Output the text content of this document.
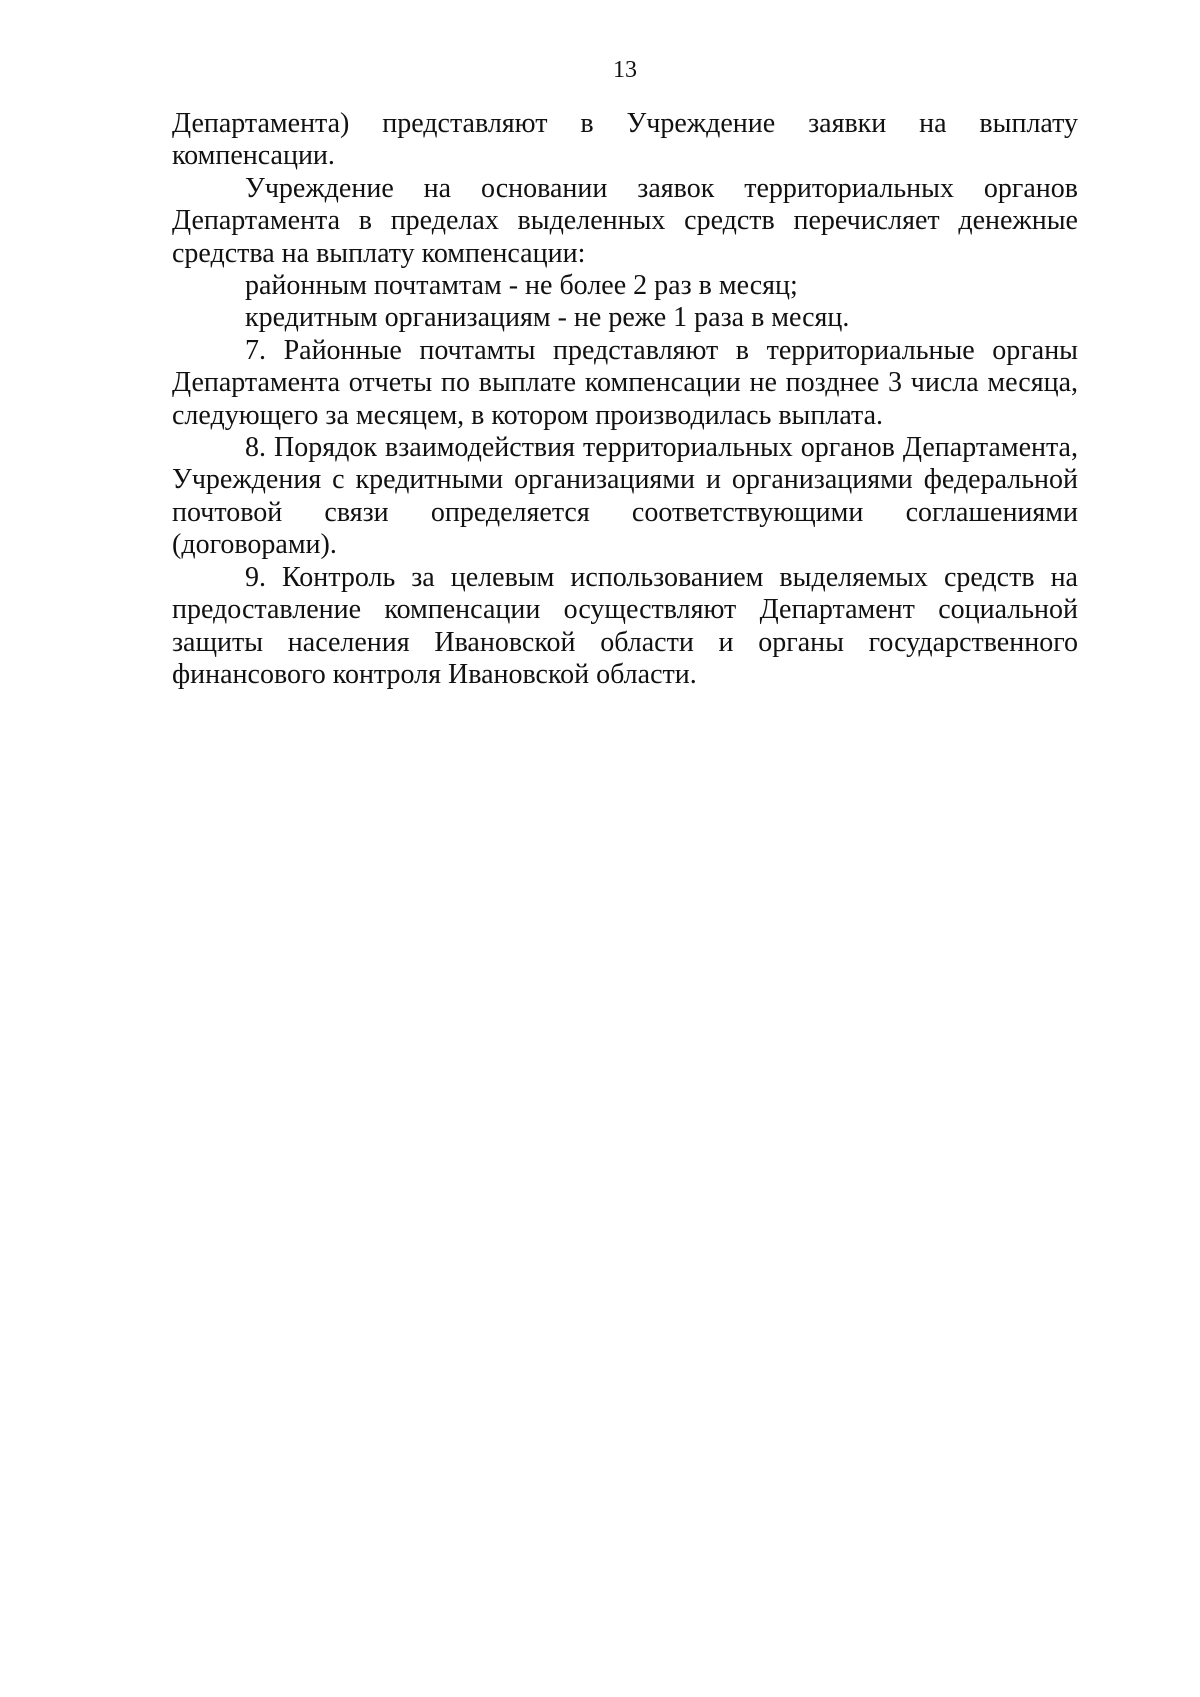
13

Департамента) представляют в Учреждение заявки на выплату компенсации.

Учреждение на основании заявок территориальных органов Департамента в пределах выделенных средств перечисляет денежные средства на выплату компенсации:

районным почтамтам - не более 2 раз в месяц;

кредитным организациям - не реже 1 раза в месяц.

7. Районные почтамты представляют в территориальные органы Департамента отчеты по выплате компенсации не позднее 3 числа месяца, следующего за месяцем, в котором производилась выплата.

8. Порядок взаимодействия территориальных органов Департамента, Учреждения с кредитными организациями и организациями федеральной почтовой связи определяется соответствующими соглашениями (договорами).

9. Контроль за целевым использованием выделяемых средств на предоставление компенсации осуществляют Департамент социальной защиты населения Ивановской области и органы государственного финансового контроля Ивановской области.
